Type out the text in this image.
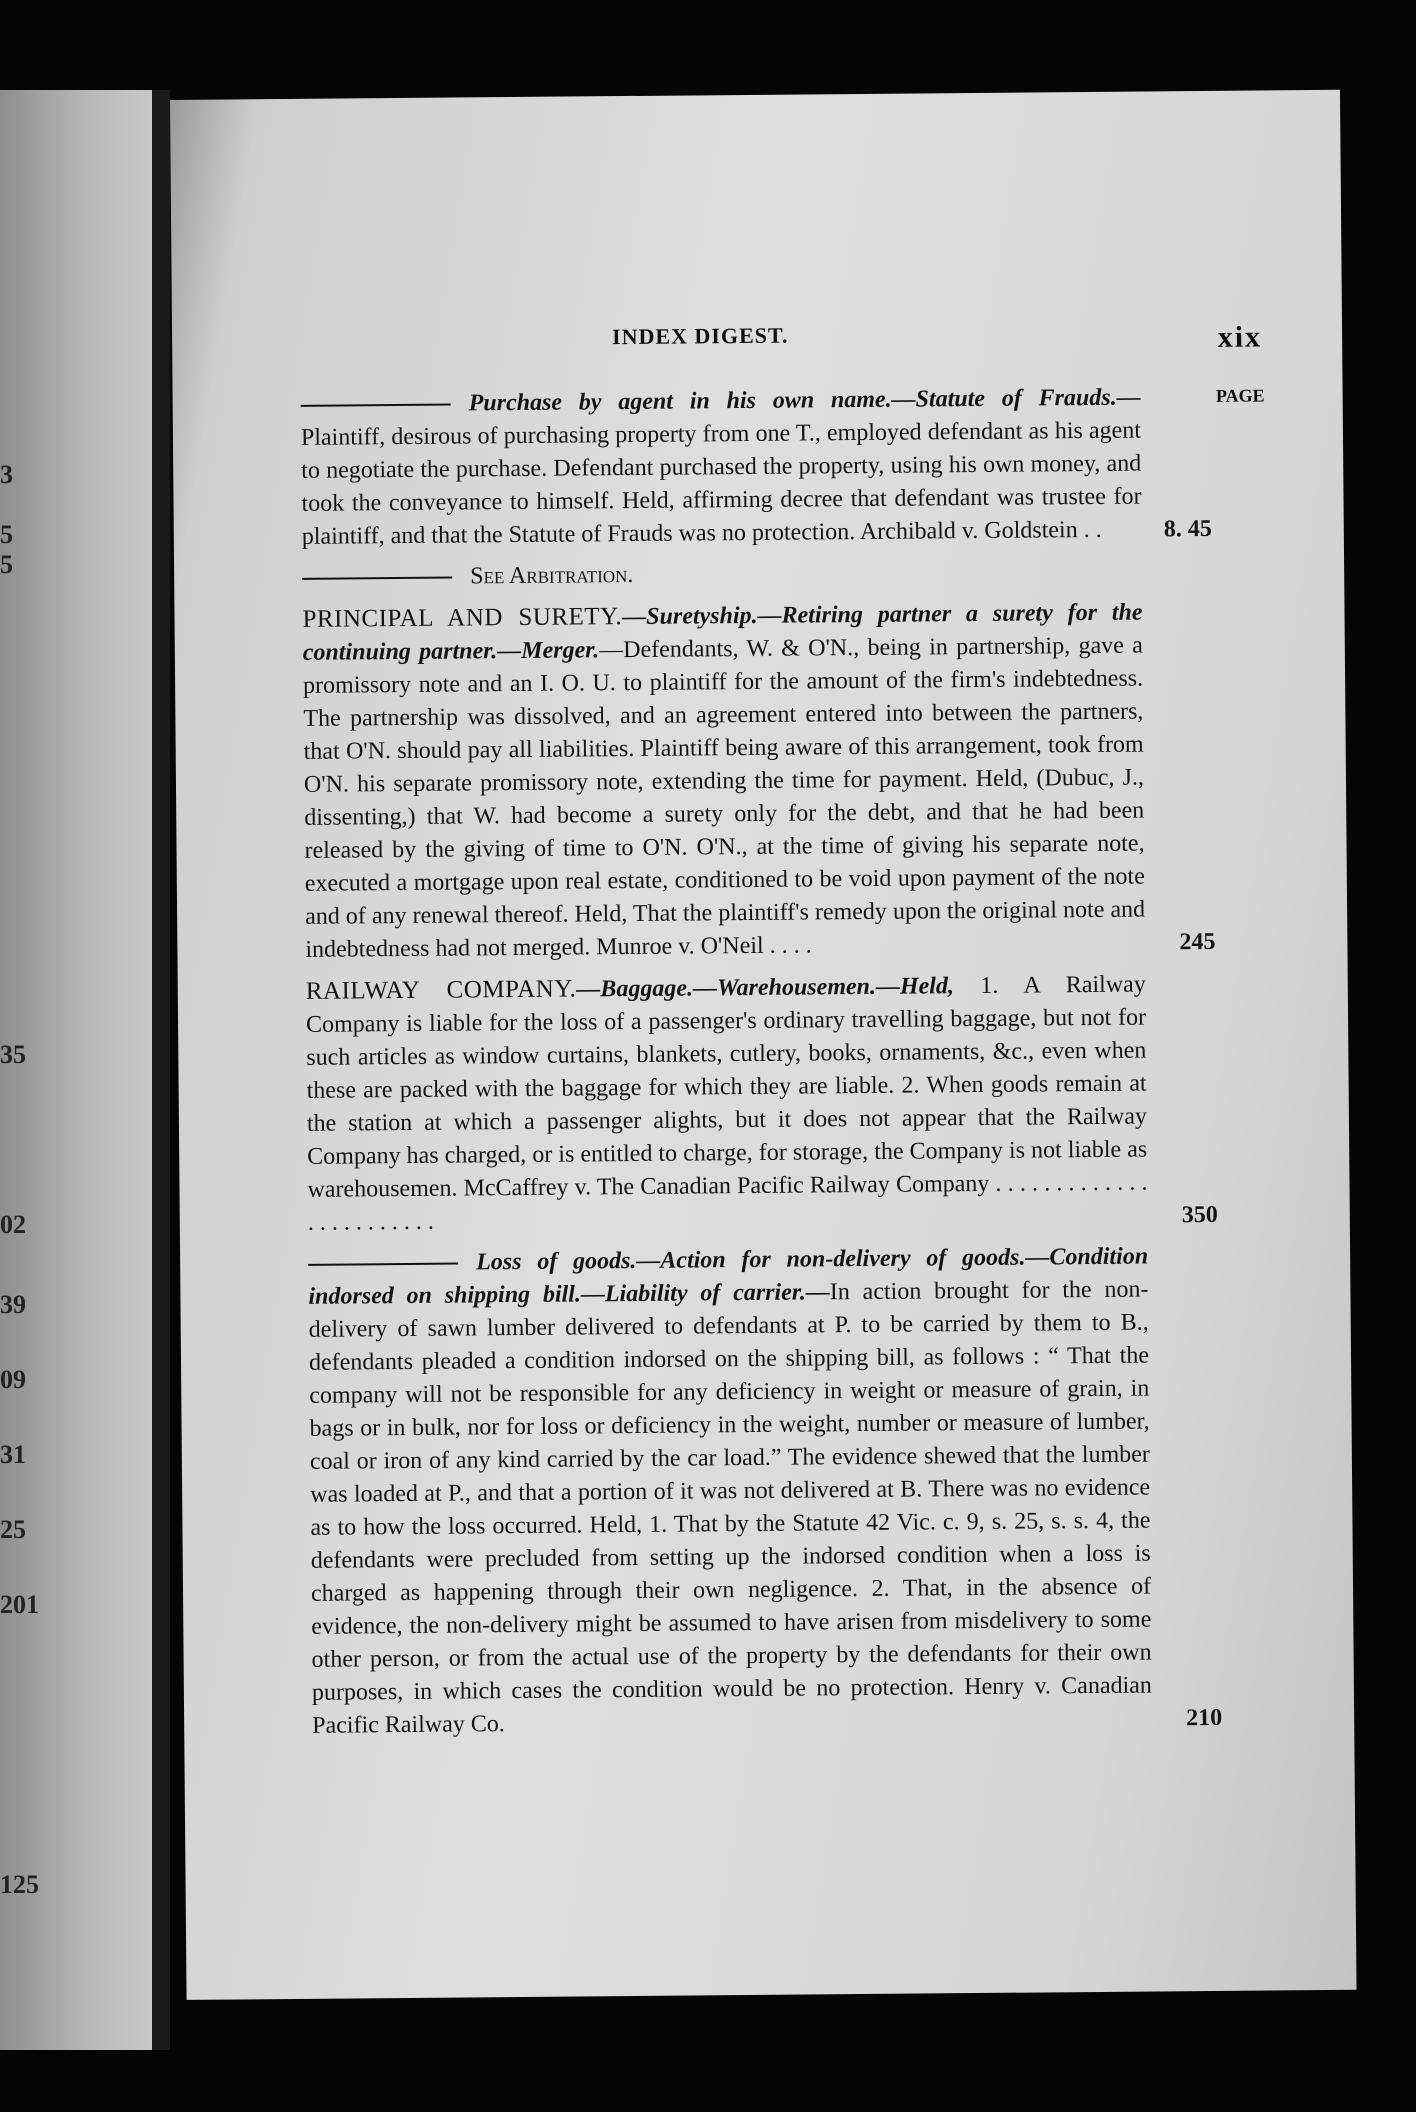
3
5
5
35
02
39
09
31
25
201
125
INDEX DIGEST.	xix
PAGE

Purchase by agent in his own name.—Statute of Frauds.— Plaintiff, desirous of purchasing property from one T., employed defendant as his agent to negotiate the purchase. Defendant purchased the property, using his own money, and took the conveyance to himself. Held, affirming decree that defendant was trustee for plaintiff, and that the Statute of Frauds was no protection. Archibald v. Goldstein . .	8. 45

See Arbitration.

PRINCIPAL AND SURETY.—Suretyship.—Retiring partner a surety for the continuing partner.—Merger.—Defendants, W. & O'N., being in partnership, gave a promissory note and an I. O. U. to plaintiff for the amount of the firm's indebtedness. The partnership was dissolved, and an agreement entered into between the partners, that O'N. should pay all liabilities. Plaintiff being aware of this arrangement, took from O'N. his separate promissory note, extending the time for payment. Held, (Dubuc, J., dissenting,) that W. had become a surety only for the debt, and that he had been released by the giving of time to O'N. O'N., at the time of giving his separate note, executed a mortgage upon real estate, conditioned to be void upon payment of the note and of any renewal thereof. Held, That the plaintiff's remedy upon the original note and indebtedness had not merged. Munroe v. O'Neil . . . .	245

RAILWAY COMPANY.—Baggage.—Warehousemen.—Held, 1. A Railway Company is liable for the loss of a passenger's ordinary travelling baggage, but not for such articles as window curtains, blankets, cutlery, books, ornaments, &c., even when these are packed with the baggage for which they are liable. 2. When goods remain at the station at which a passenger alights, but it does not appear that the Railway Company has charged, or is entitled to charge, for storage, the Company is not liable as warehousemen. McCaffrey v. The Canadian Pacific Railway Company . . . . . . . . . . . . . . . . . . . . . . . .	350

Loss of goods.—Action for non-delivery of goods.—Condition indorsed on shipping bill.—Liability of carrier.—In action brought for the non-delivery of sawn lumber delivered to defendants at P. to be carried by them to B., defendants pleaded a condition indorsed on the shipping bill, as follows : “ That the company will not be responsible for any deficiency in weight or measure of grain, in bags or in bulk, nor for loss or deficiency in the weight, number or measure of lumber, coal or iron of any kind carried by the car load.” The evidence shewed that the lumber was loaded at P., and that a portion of it was not delivered at B. There was no evidence as to how the loss occurred. Held, 1. That by the Statute 42 Vic. c. 9, s. 25, s. s. 4, the defendants were precluded from setting up the indorsed condition when a loss is charged as happening through their own negligence. 2. That, in the absence of evidence, the non-delivery might be assumed to have arisen from misdelivery to some other person, or from the actual use of the property by the defendants for their own purposes, in which cases the condition would be no protection. Henry v. Canadian Pacific Railway Co.	210
